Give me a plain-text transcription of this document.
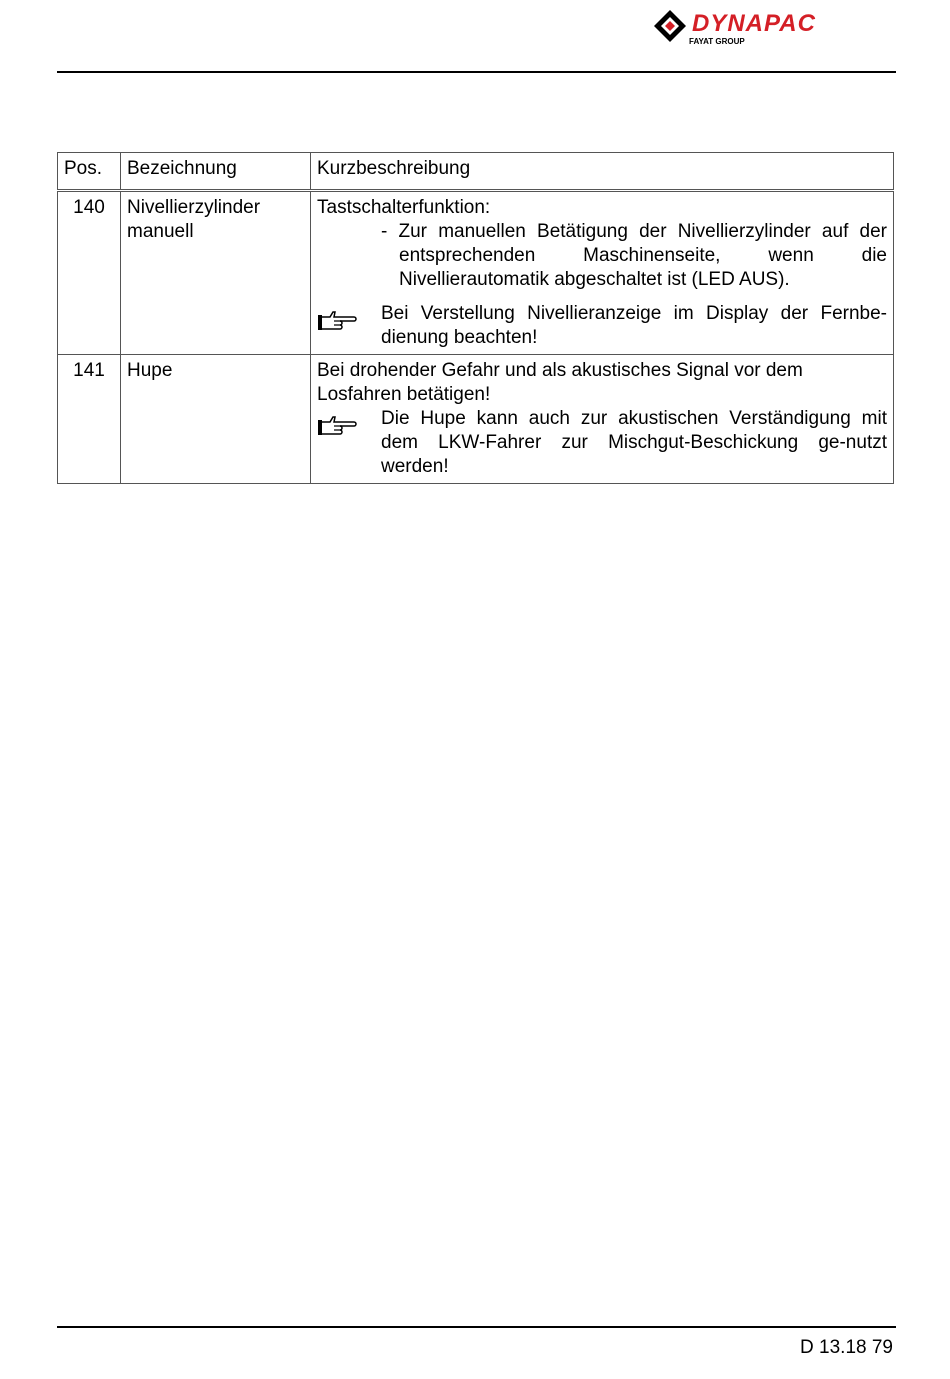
DYNAPAC
FAYAT GROUP
Pos.	Bezeichnung	Kurzbeschreibung
140	Nivellierzylinder manuell	Tastschalterfunktion:
- Zur manuellen Betätigung der Nivellierzylinder auf der entsprechenden Maschinenseite, wenn die Nivellierautomatik abgeschaltet ist (LED AUS).
Bei Verstellung Nivellieranzeige im Display der Fernbe-dienung beachten!

141	Hupe	Bei drohender Gefahr und als akustisches Signal vor dem Losfahren betätigen!
Die Hupe kann auch zur akustischen Verständigung mit dem LKW-Fahrer zur Mischgut-Beschickung ge-nutzt werden!
D 13.18 79
